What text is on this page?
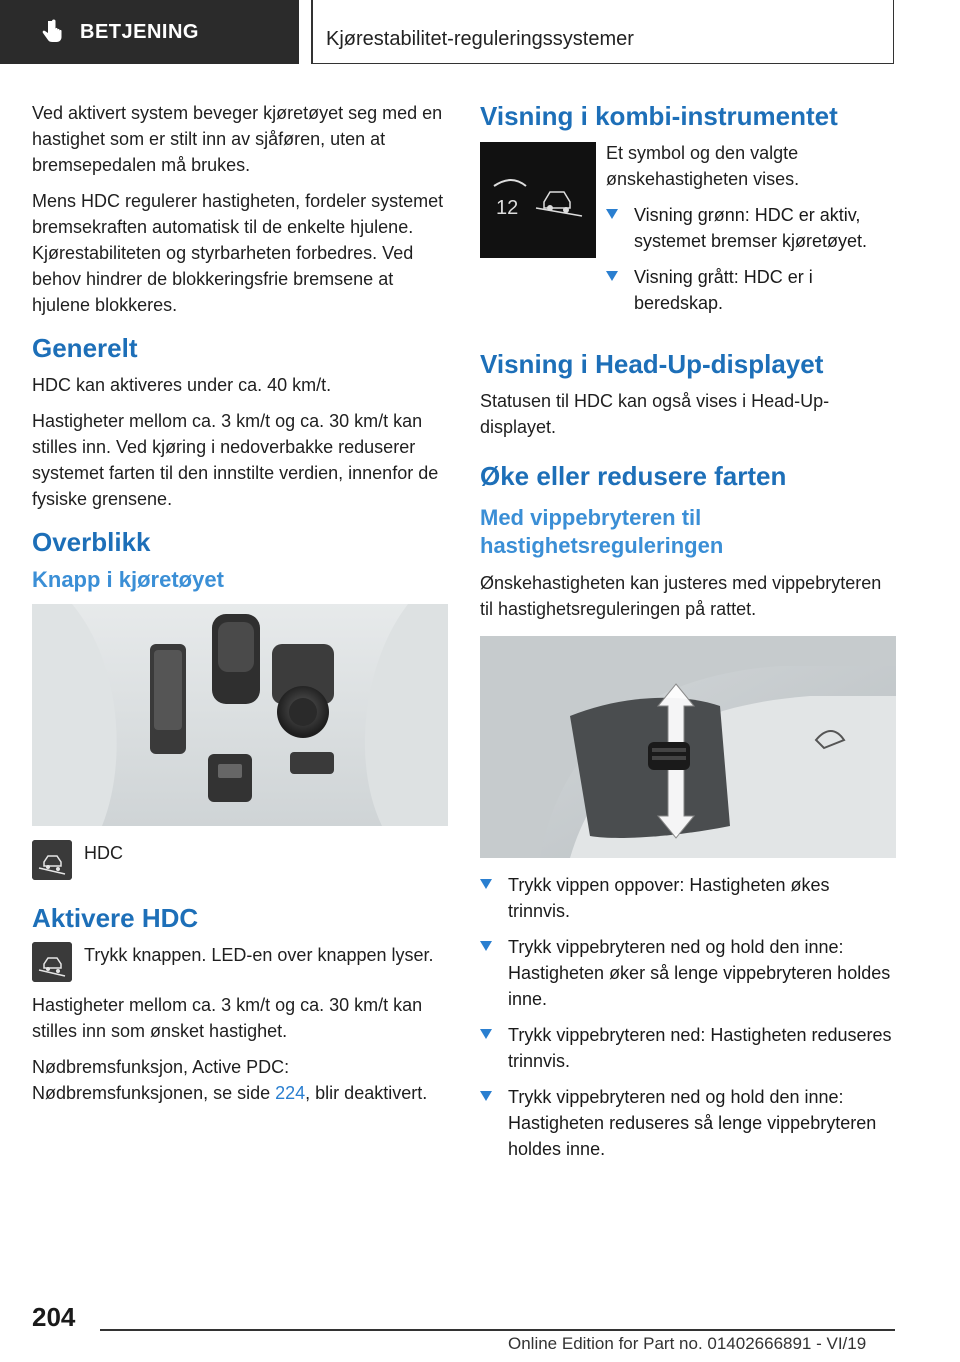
BETJENING	Kjørestabilitet-reguleringssystemer

Ved aktivert system beveger kjøretøyet seg med en hastighet som er stilt inn av sjåføren, uten at bremsepedalen må brukes.

Mens HDC regulerer hastigheten, fordeler systemet bremsekraften automatisk til de enkelte hjulene. Kjørestabiliteten og styrbarheten forbedres. Ved behov hindrer de blokkeringsfrie bremsene at hjulene blokkeres.

Generelt

HDC kan aktiveres under ca. 40 km/t.

Hastigheter mellom ca. 3 km/t og ca. 30 km/t kan stilles inn. Ved kjøring i nedoverbakke reduserer systemet farten til den innstilte verdien, innenfor de fysiske grensene.

Overblikk
Knapp i kjøretøyet

HDC

Aktivere HDC

Trykk knappen. LED-en over knappen lyser.

Hastigheter mellom ca. 3 km/t og ca. 30 km/t kan stilles inn som ønsket hastighet.

Nødbremsfunksjon, Active PDC: Nødbremsfunksjonen, se side 224, blir deaktivert.

Visning i kombi-instrumentet
12

Et symbol og den valgte ønskehastigheten vises.

Visning grønn: HDC er aktiv, systemet bremser kjøretøyet.
Visning grått: HDC er i beredskap.
Visning i Head-Up-displayet

Statusen til HDC kan også vises i Head-Up-displayet.

Øke eller redusere farten
Med vippebryteren til hastighetsreguleringen

Ønskehastigheten kan justeres med vippebryteren til hastighetsreguleringen på rattet.

Trykk vippen oppover: Hastigheten økes trinnvis.
Trykk vippebryteren ned og hold den inne: Hastigheten øker så lenge vippebryteren holdes inne.
Trykk vippebryteren ned: Hastigheten reduseres trinnvis.
Trykk vippebryteren ned og hold den inne: Hastigheten reduseres så lenge vippebryteren holdes inne.
204
Online Edition for Part no. 01402666891 - VI/19
